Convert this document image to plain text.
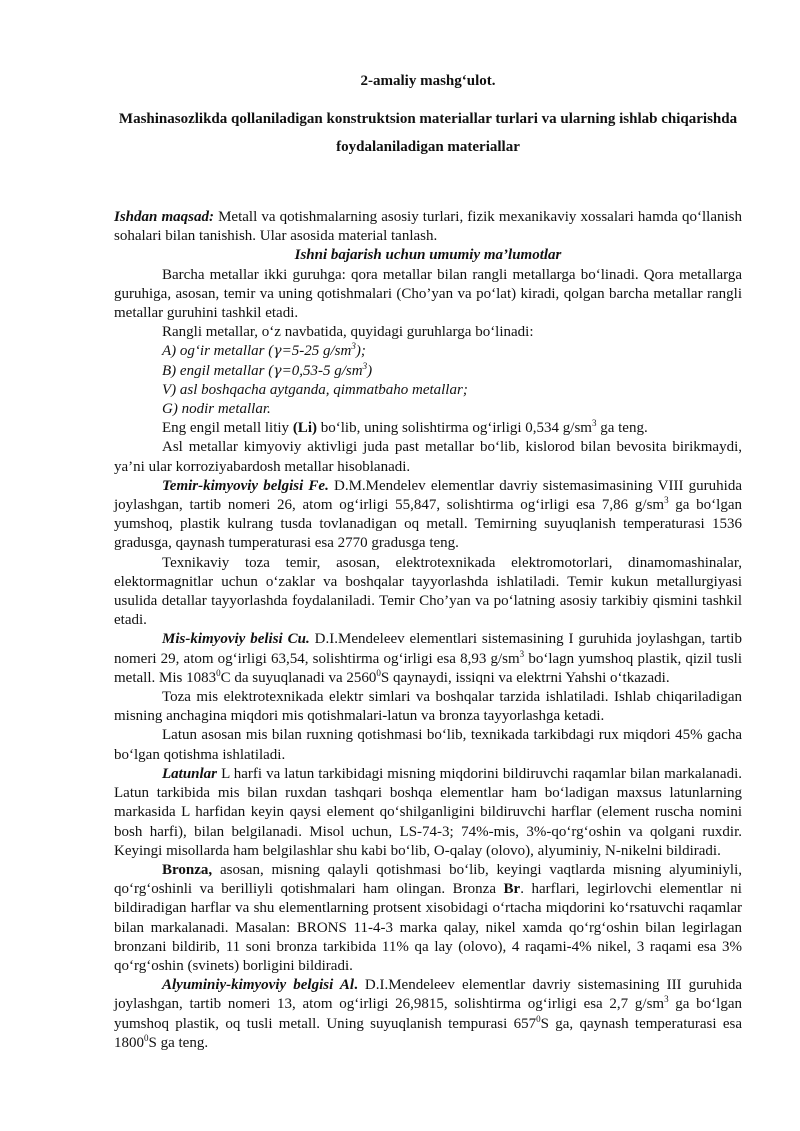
2-amaliy mashg‘ulot.

Mashinasozlikda qollaniladigan konstruktsion materiallar turlari va ularning ishlab chiqarishda foydalaniladigan materiallar

Ishdan maqsad: Metall va qotishmalarning asosiy turlari, fizik mexanikaviy xossalari hamda qo‘llanish sohalari bilan tanishish. Ular asosida material tanlash.

Ishni bajarish uchun umumiy ma’lumotlar

Barcha metallar ikki guruhga: qora metallar bilan rangli metallarga bo‘linadi. Qora metallarga guruhiga, asosan, temir va uning qotishmalari (Cho’yan va po‘lat) kiradi, qolgan barcha metallar rangli metallar guruhini tashkil etadi.

Rangli metallar, o‘z navbatida, quyidagi guruhlarga bo‘linadi:

A) og‘ir metallar (γ=5-25 $g/sm^3$);

B) engil metallar (γ=0,53-5 $g/sm^3$)

V) asl boshqacha aytganda, qimmatbaho metallar;

G) nodir metallar.

Eng engil metall litiy (Li) bo‘lib, uning solishtirma og‘irligi 0,534 $g/sm^3$ ga teng.

Asl metallar kimyoviy aktivligi juda past metallar bo‘lib, kislorod bilan bevosita birikmaydi, ya’ni ular korroziyabardosh metallar hisoblanadi.

Temir-kimyoviy belgisi Fe. D.M.Mendelev elementlar davriy sistemasimasining VIII guruhida joylashgan, tartib nomeri 26, atom og‘irligi 55,847, solishtirma og‘irligi esa 7,86 $g/sm^3$ ga bo‘lgan yumshoq, plastik kulrang tusda tovlanadigan oq metall. Temirning suyuqlanish temperaturasi 1536 gradusga, qaynash tumperaturasi esa 2770 gradusga teng.

Texnikaviy toza temir, asosan, elektrotexnikada elektromotorlari, dinamomashinalar, elektormagnitlar uchun o‘zaklar va boshqalar tayyorlashda ishlatiladi. Temir kukun metallurgiyasi usulida detallar tayyorlashda foydalaniladi. Temir Cho’yan va po‘latning asosiy tarkibiy qismini tashkil etadi.

Mis-kimyoviy belisi Cu. D.I.Mendeleev elementlari sistemasining I guruhida joylashgan, tartib nomeri 29, atom og‘irligi 63,54, solishtirma og‘irligi esa 8,93 $g/sm^3$ bo‘lagn yumshoq plastik, qizil tusli metall. Mis 1083$^0$C da suyuqlanadi va 2560$^0$S qaynaydi, issiqni va elektrni Yahshi o‘tkazadi.

Toza mis elektrotexnikada elektr simlari va boshqalar tarzida ishlatiladi. Ishlab chiqariladigan misning anchagina miqdori mis qotishmalari-latun va bronza tayyorlashga ketadi.

Latun asosan mis bilan ruxning qotishmasi bo‘lib, texnikada tarkibdagi rux miqdori 45% gacha bo‘lgan qotishma ishlatiladi.

Latunlar L harfi va latun tarkibidagi misning miqdorini bildiruvchi raqamlar bilan markalanadi. Latun tarkibida mis bilan ruxdan tashqari boshqa elementlar ham bo‘ladigan maxsus latunlarning markasida L harfidan keyin qaysi element qo‘shilganligini bildiruvchi harflar (element ruscha nomini bosh harfi), bilan belgilanadi. Misol uchun, LS-74-3; 74%-mis, 3%-qo‘rg‘oshin va qolgani ruxdir. Keyingi misollarda ham belgilashlar shu kabi bo‘lib, O-qalay (olovo), alyuminiy, N-nikelni bildiradi.

Bronza, asosan, misning qalayli qotishmasi bo‘lib, keyingi vaqtlarda misning alyuminiyli, qo‘rg‘oshinli va berilliyli qotishmalari ham olingan. Bronza Br. harflari, legirlovchi elementlar ni bildiradigan harflar va shu elementlarning protsent xisobidagi o‘rtacha miqdorini ko‘rsatuvchi raqamlar bilan markalanadi. Masalan: BRONS 11-4-3 marka qalay, nikel xamda qo‘rg‘oshin bilan legirlagan bronzani bildirib, 11 soni bronza tarkibida 11% qa lay (olovo), 4 raqami-4% nikel, 3 raqami esa 3% qo‘rg‘oshin (svinets) borligini bildiradi.

Alyuminiy-kimyoviy belgisi Al. D.I.Mendeleev elementlar davriy sistemasining III guruhida joylashgan, tartib nomeri 13, atom og‘irligi 26,9815, solishtirma og‘irligi esa 2,7 $g/sm^3$ ga bo‘lgan yumshoq plastik, oq tusli metall. Uning suyuqlanish tempurasi $657^0S$ ga, qaynash temperaturasi esa 1800$^0$S ga teng.
